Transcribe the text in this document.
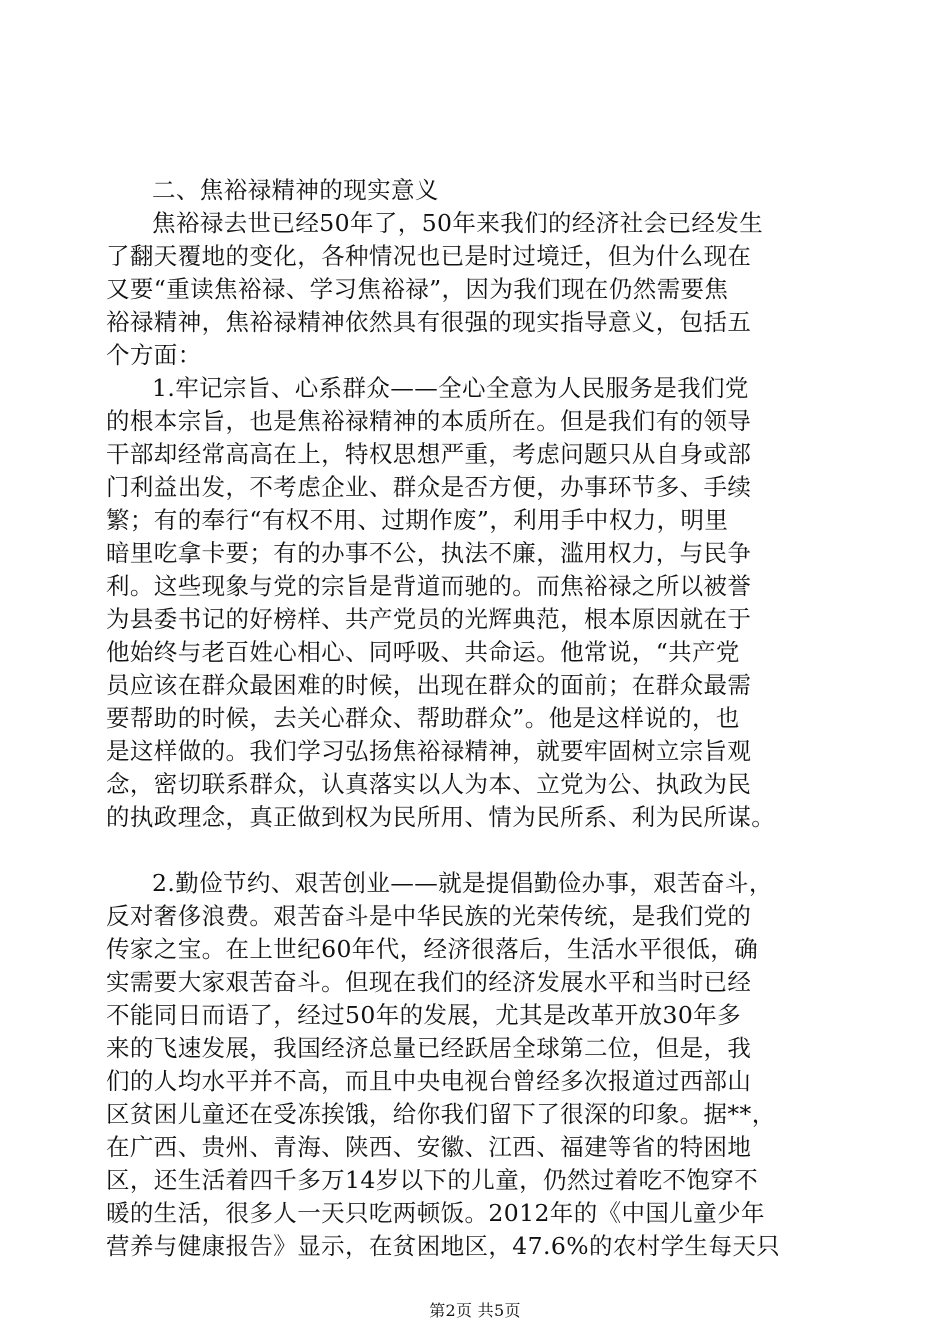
二、焦裕禄精神的现实意义
焦裕禄去世已经50年了，50年来我们的经济社会已经发生
了翻天覆地的变化，各种情况也已是时过境迁，但为什么现在
又要“重读焦裕禄、学习焦裕禄”，因为我们现在仍然需要焦
裕禄精神，焦裕禄精神依然具有很强的现实指导意义，包括五
个方面：
1.牢记宗旨、心系群众——全心全意为人民服务是我们党
的根本宗旨，也是焦裕禄精神的本质所在。但是我们有的领导
干部却经常高高在上，特权思想严重，考虑问题只从自身或部
门利益出发，不考虑企业、群众是否方便，办事环节多、手续
繁；有的奉行“有权不用、过期作废”，利用手中权力，明里
暗里吃拿卡要；有的办事不公，执法不廉，滥用权力，与民争
利。这些现象与党的宗旨是背道而驰的。而焦裕禄之所以被誉
为县委书记的好榜样、共产党员的光辉典范，根本原因就在于
他始终与老百姓心相心、同呼吸、共命运。他常说，“共产党
员应该在群众最困难的时候，出现在群众的面前；在群众最需
要帮助的时候，去关心群众、帮助群众”。他是这样说的，也
是这样做的。我们学习弘扬焦裕禄精神，就要牢固树立宗旨观
念，密切联系群众，认真落实以人为本、立党为公、执政为民
的执政理念，真正做到权为民所用、情为民所系、利为民所谋。
2.勤俭节约、艰苦创业——就是提倡勤俭办事，艰苦奋斗，
反对奢侈浪费。艰苦奋斗是中华民族的光荣传统，是我们党的
传家之宝。在上世纪60年代，经济很落后，生活水平很低，确
实需要大家艰苦奋斗。但现在我们的经济发展水平和当时已经
不能同日而语了，经过50年的发展，尤其是改革开放30年多
来的飞速发展，我国经济总量已经跃居全球第二位，但是，我
们的人均水平并不高，而且中央电视台曾经多次报道过西部山
区贫困儿童还在受冻挨饿，给你我们留下了很深的印象。据**，
在广西、贵州、青海、陕西、安徽、江西、福建等省的特困地
区，还生活着四千多万14岁以下的儿童，仍然过着吃不饱穿不
暖的生活，很多人一天只吃两顿饭。2012年的《中国儿童少年
营养与健康报告》显示，在贫困地区，47.6%的农村学生每天只
第2页 共5页
